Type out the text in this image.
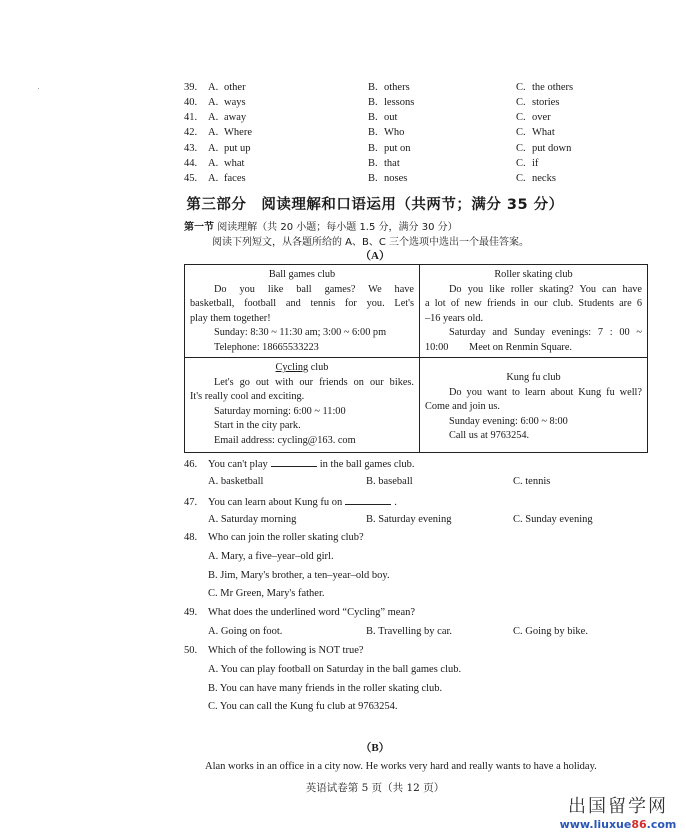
39. A. other	B. others	C. the others
40. A. ways	B. lessons	C. stories
41. A. away	B. out	C. over
42. A. Where	B. Who	C. What
43. A. put up	B. put on	C. put down
44. A. what	B. that	C. if
45. A. faces	B. noses	C. necks
第三部分　阅读理解和口语运用（共两节；满分 35 分）
第一节 阅读理解（共 20 小题；每小题 1.5 分，满分 30 分）
阅读下列短文，从各题所给的 A、B、C 三个选项中选出一个最佳答案。
（A）
Ball games club
Do you like ball games? We have
basketball, football and tennis for you. Let's
play them together!
Sunday: 8:30 ~ 11:30 am; 3:00 ~ 6:00 pm
Telephone: 18665533223
Roller skating club
Do you like roller skating? You can have
a lot of new friends in our club. Students are 6
–16 years old.
Saturday and Sunday evenings: 7 : 00 ~
10:00　　Meet on Renmin Square.
Cycling club
Let's go out with our friends on our bikes.
It's really cool and exciting.
Saturday morning: 6:00 ~ 11:00
Start in the city park.
Email address: cycling@163. com
Kung fu club
Do you want to learn about Kung fu well?
Come and join us.
Sunday evening: 6:00 ~ 8:00
Call us at 9763254.
46. You can't play	in the ball games club.
A. basketball	B. baseball	C. tennis
47. You can learn about Kung fu on	.
A. Saturday morning	B. Saturday evening	C. Sunday evening
48. Who can join the roller skating club?
A. Mary, a five–year–old girl.
B. Jim, Mary's brother, a ten–year–old boy.
C. Mr Green, Mary's father.
49. What does the underlined word “Cycling” mean?
A. Going on foot.	B. Travelling by car.	C. Going by bike.
50. Which of the following is NOT true?
A. You can play football on Saturday in the ball games club.
B. You can have many friends in the roller skating club.
C. You can call the Kung fu club at 9763254.
（B）
Alan works in an office in a city now. He works very hard and really wants to have a holiday.
英语试卷第 5 页（共 12 页）
出国留学网
www.liuxue86.com
